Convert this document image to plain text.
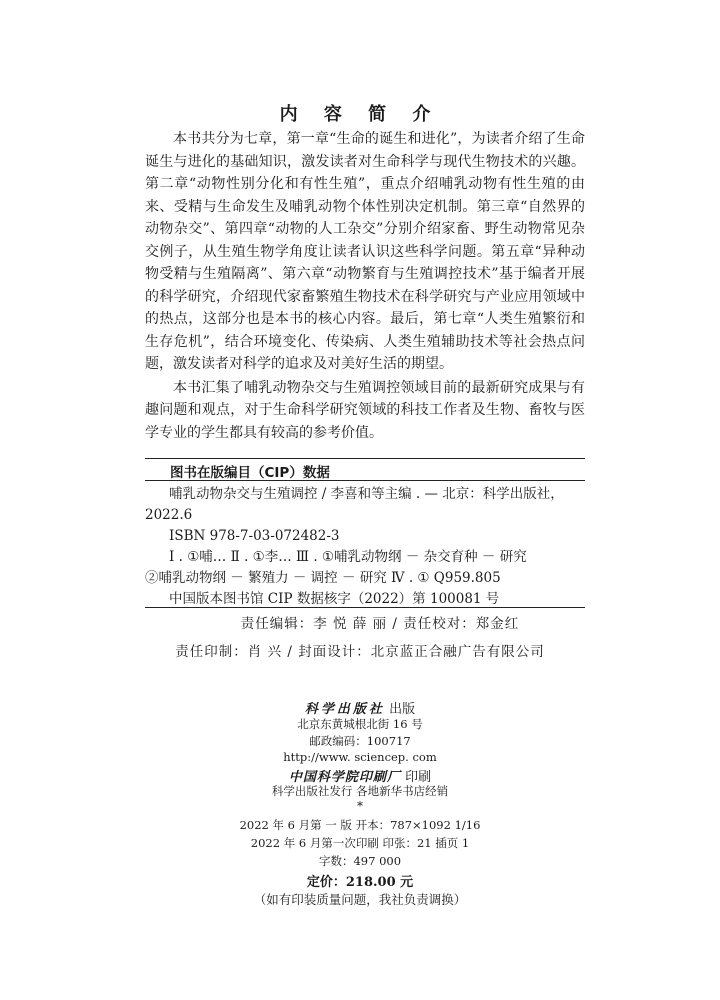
内 容 简 介

本书共分为七章，第一章“生命的诞生和进化”，为读者介绍了生命诞生与进化的基础知识，激发读者对生命科学与现代生物技术的兴趣。第二章“动物性别分化和有性生殖”，重点介绍哺乳动物有性生殖的由来、受精与生命发生及哺乳动物个体性别决定机制。第三章“自然界的动物杂交”、第四章“动物的人工杂交”分别介绍家畜、野生动物常见杂交例子，从生殖生物学角度让读者认识这些科学问题。第五章“异种动物受精与生殖隔离”、第六章“动物繁育与生殖调控技术”基于编者开展的科学研究，介绍现代家畜繁殖生物技术在科学研究与产业应用领域中的热点，这部分也是本书的核心内容。最后，第七章“人类生殖繁衍和生存危机”，结合环境变化、传染病、人类生殖辅助技术等社会热点问题，激发读者对科学的追求及对美好生活的期望。

本书汇集了哺乳动物杂交与生殖调控领域目前的最新研究成果与有趣问题和观点，对于生命科学研究领域的科技工作者及生物、畜牧与医学专业的学生都具有较高的参考价值。

图书在版编目（CIP）数据
哺乳动物杂交与生殖调控 / 李喜和等主编 . — 北京：科学出版社，
2022.6
ISBN 978-7-03-072482-3
Ⅰ . ①哺… Ⅱ . ①李… Ⅲ . ①哺乳动物纲 － 杂交育种 － 研究
②哺乳动物纲 － 繁殖力 － 调控 － 研究 Ⅳ . ① Q959.805
中国版本图书馆 CIP 数据核字（2022）第 100081 号
责任编辑：李 悦 薛 丽 / 责任校对：郑金红
责任印制：肖 兴 / 封面设计：北京蓝正合融广告有限公司
科学出版社 出版
北京东黄城根北街 16 号
邮政编码：100717
http://www. sciencep. com
中国科学院印刷厂 印刷
科学出版社发行 各地新华书店经销
*
2022 年 6 月第 一 版 开本：787×1092 1/16
2022 年 6 月第一次印刷 印张：21 插页 1
字数：497 000
定价：218.00 元
（如有印装质量问题，我社负责调换）
